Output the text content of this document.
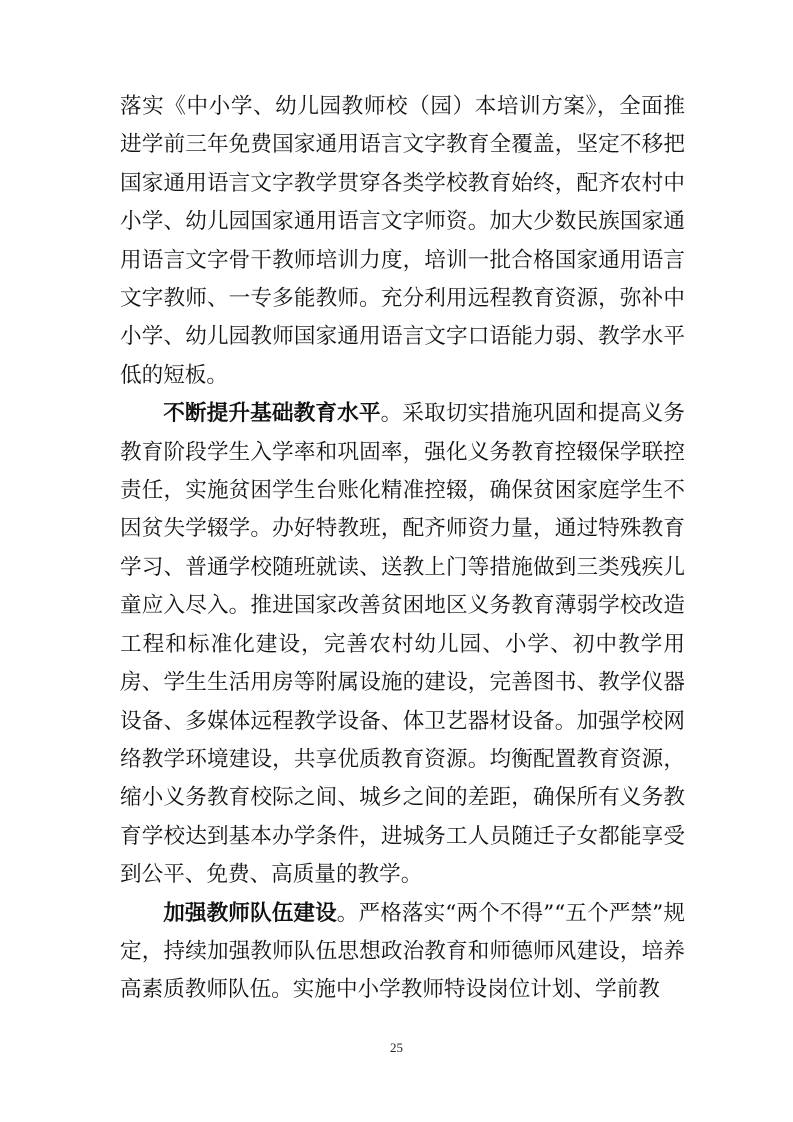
落实《中小学、幼儿园教师校（园）本培训方案》，全面推进学前三年免费国家通用语言文字教育全覆盖，坚定不移把国家通用语言文字教学贯穿各类学校教育始终，配齐农村中小学、幼儿园国家通用语言文字师资。加大少数民族国家通用语言文字骨干教师培训力度，培训一批合格国家通用语言文字教师、一专多能教师。充分利用远程教育资源，弥补中小学、幼儿园教师国家通用语言文字口语能力弱、教学水平低的短板。

不断提升基础教育水平。采取切实措施巩固和提高义务教育阶段学生入学率和巩固率，强化义务教育控辍保学联控责任，实施贫困学生台账化精准控辍，确保贫困家庭学生不因贫失学辍学。办好特教班，配齐师资力量，通过特殊教育学习、普通学校随班就读、送教上门等措施做到三类残疾儿童应入尽入。推进国家改善贫困地区义务教育薄弱学校改造工程和标准化建设，完善农村幼儿园、小学、初中教学用房、学生生活用房等附属设施的建设，完善图书、教学仪器设备、多媒体远程教学设备、体卫艺器材设备。加强学校网络教学环境建设，共享优质教育资源。均衡配置教育资源，缩小义务教育校际之间、城乡之间的差距，确保所有义务教育学校达到基本办学条件，进城务工人员随迁子女都能享受到公平、免费、高质量的教学。

加强教师队伍建设。严格落实“两个不得”“五个严禁”规定，持续加强教师队伍思想政治教育和师德师风建设，培养高素质教师队伍。实施中小学教师特设岗位计划、学前教

25
